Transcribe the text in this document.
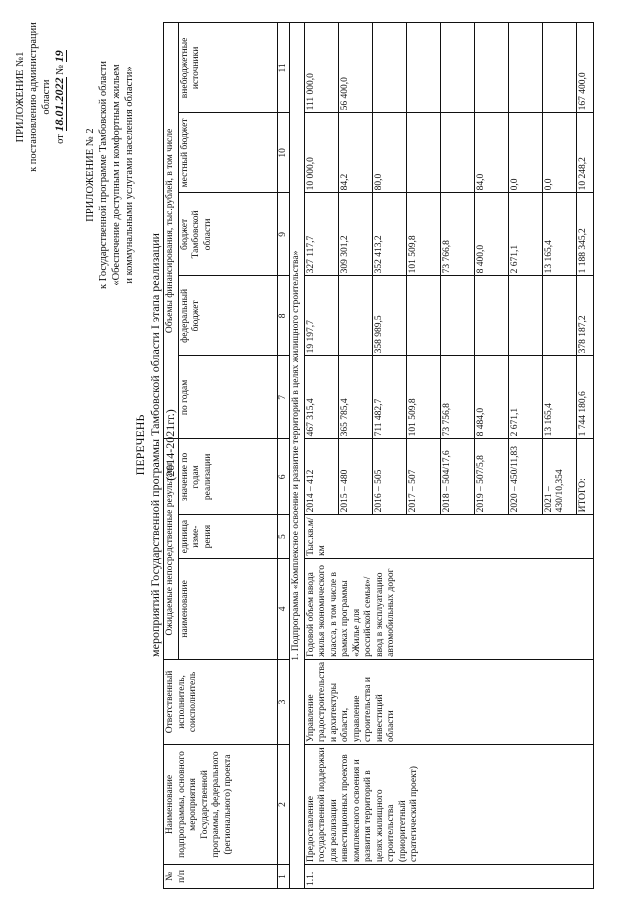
ПРИЛОЖЕНИЕ №1 к постановлению администрации области
от 18.01.2022 № 19
ПРИЛОЖЕНИЕ № 2 к Государственной программе Тамбовской области «Обеспечение доступным и комфортным жильем и коммунальными услугами населения области»
ПЕРЕЧЕНЬ мероприятий Государственной программы Тамбовской области I этапа реализации (2014-2021гг.)
№ п/п	Наименование подпрограммы, основного мероприятия Государственной программы, федерального (регионального) проекта	Ответственный исполнитель, соисполнитель	Ожидаемые непосредственные результаты			Объемы финансирования, тыс.рублей, в том числе				
			наименование	единица изме-рения	значение по годам реализации	по годам	федеральный бюджет	бюджет Тамбовской области	местный бюджет	внебюджетные источники
1	2	3	4	5	6	7	8	9	10	11
1. Подпрограмма «Комплексное освоение и развитие территорий в целях жилищного строительства»										
1.1.	Предоставление государственной поддержки для реализации инвестиционных проектов комплексного освоения и развития территорий в целях жилищного строительства (приоритетный стратегический проект)	Управление градостроительства и архитектуры области, управление строительства и инвестиций области	Годовой объем ввода жилья экономического класса, в том числе в рамках программы «Жилье для российской семьи»/ввод в эксплуатацию автомобильных дорог	Тыс.кв.м/ км	2014 – 412	467 315,4	19 197,7	327 117,7	10 000,0	111 000,0
					2015 – 480	365 785,4		309 301,2	84,2	56 400,0
					2016 – 505	711 482,7	358 989,5	352 413,2	80,0	
					2017 – 507	101 509,8		101 509,8		
					2018 – 504/17,6	73 756,8		73 766,8		
					2019 – 507/5,8	8 484,0		8 400,0	84,0	
					2020 – 450/11,83	2 671,1		2 671,1	0,0	
					2021 – 430/10,354	13 165,4		13 165,4	0,0	
					ИТОГО:	1 744 180,6	378 187,2	1 188 345,2	10 248,2	167 400,0
